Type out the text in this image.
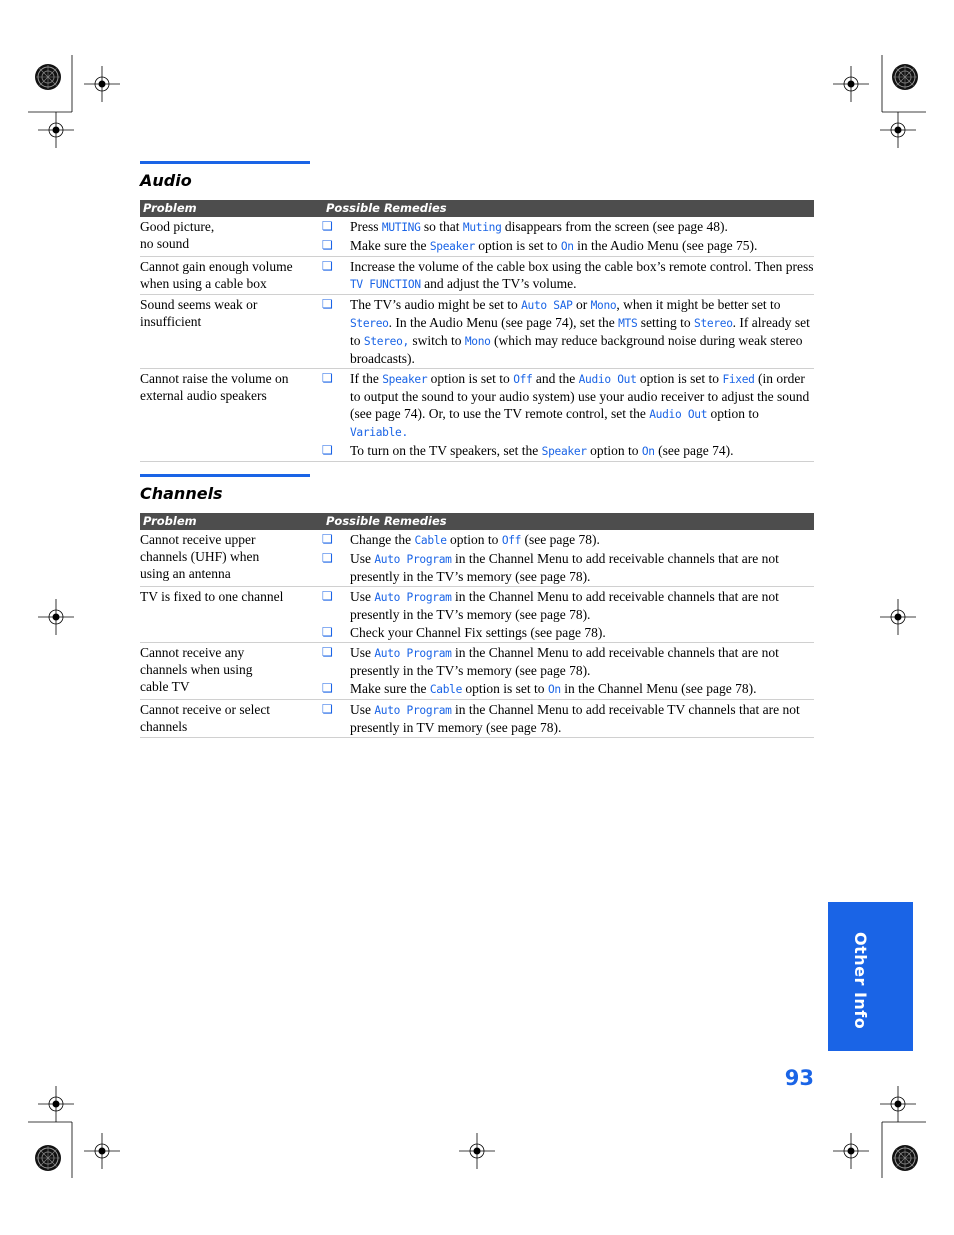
Audio
Problem	Possible Remedies
Good picture,
no sound
❏	Press MUTING so that Muting disappears from the screen (see page 48).
❏	Make sure the Speaker option is set to On in the Audio Menu (see page 75).
Cannot gain enough volume
when using a cable box
❏	Increase the volume of the cable box using the cable box’s remote control. Then press TV FUNCTION and adjust the TV’s volume.
Sound seems weak or
insufficient
❏	The TV’s audio might be set to Auto SAP or Mono, when it might be better set to Stereo. In the Audio Menu (see page 74), set the MTS setting to Stereo. If already set to Stereo, switch to Mono (which may reduce background noise during weak stereo broadcasts).
Cannot raise the volume on
external audio speakers
❏	If the Speaker option is set to Off and the Audio Out option is set to Fixed (in order to output the sound to your audio system) use your audio receiver to adjust the sound (see page 74). Or, to use the TV remote control, set the Audio Out option to Variable.
❏	To turn on the TV speakers, set the Speaker option to On (see page 74).
Channels
Problem	Possible Remedies
Cannot receive upper
channels (UHF) when
using an antenna
❏	Change the Cable option to Off (see page 78).
❏	Use Auto Program in the Channel Menu to add receivable channels that are not presently in the TV’s memory (see page 78).
TV is fixed to one channel	❏	Use Auto Program in the Channel Menu to add receivable channels that are not presently in the TV’s memory (see page 78).
❏	Check your Channel Fix settings (see page 78).
Cannot receive any
channels when using
cable TV
❏	Use Auto Program in the Channel Menu to add receivable channels that are not presently in the TV’s memory (see page 78).
❏	Make sure the Cable option is set to On in the Channel Menu (see page 78).
Cannot receive or select
channels
❏	Use Auto Program in the Channel Menu to add receivable TV channels that are not presently in TV memory (see page 78).
Other Info
93
